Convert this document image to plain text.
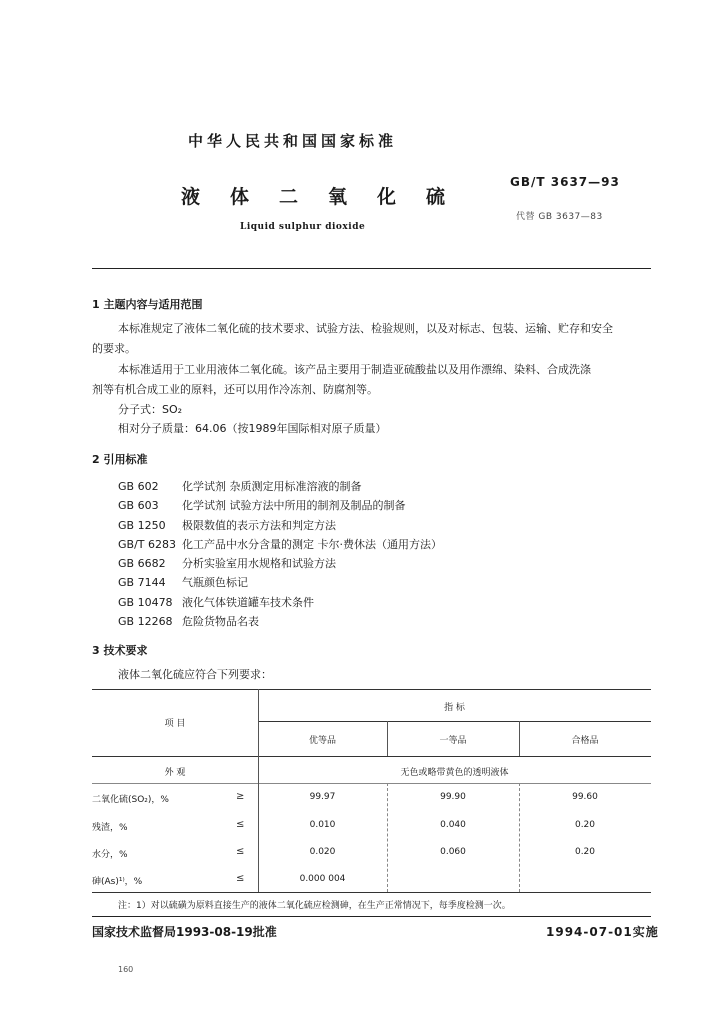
中华人民共和国国家标准
液体二氧化硫
Liquid sulphur dioxide
GB/T 3637—93
代替 GB 3637—83
1 主题内容与适用范围
本标准规定了液体二氧化硫的技术要求、试验方法、检验规则，以及对标志、包装、运输、贮存和安全
的要求。
本标准适用于工业用液体二氧化硫。该产品主要用于制造亚硫酸盐以及用作漂绵、染料、合成洗涤
剂等有机合成工业的原料，还可以用作冷冻剂、防腐剂等。
分子式：SO₂
相对分子质量：64.06（按1989年国际相对原子质量）
2 引用标准
GB 602 化学试剂 杂质测定用标准溶液的制备
GB 603 化学试剂 试验方法中所用的制剂及制品的制备
GB 1250 极限数值的表示方法和判定方法
GB/T 6283 化工产品中水分含量的测定 卡尔·费休法（通用方法）
GB 6682 分析实验室用水规格和试验方法
GB 7144 气瓶颜色标记
GB 10478 液化气体铁道罐车技术条件
GB 12268 危险货物品名表
3 技术要求
液体二氧化硫应符合下列要求：
项 目
指 标
优等品	一等品	合格品
外 观	无色或略带黄色的透明液体
二氧化硫(SO₂)，%	≥	99.97	99.90	99.60
残渣，%	≤	0.010	0.040	0.20
水分，%	≤	0.020	0.060	0.20
砷(As)¹⁾，%	≤	0.000 004
注：1）对以硫磺为原料直接生产的液体二氧化硫应检测砷，在生产正常情况下，每季度检测一次。
国家技术监督局1993-08-19批准	1994-07-01实施
160
